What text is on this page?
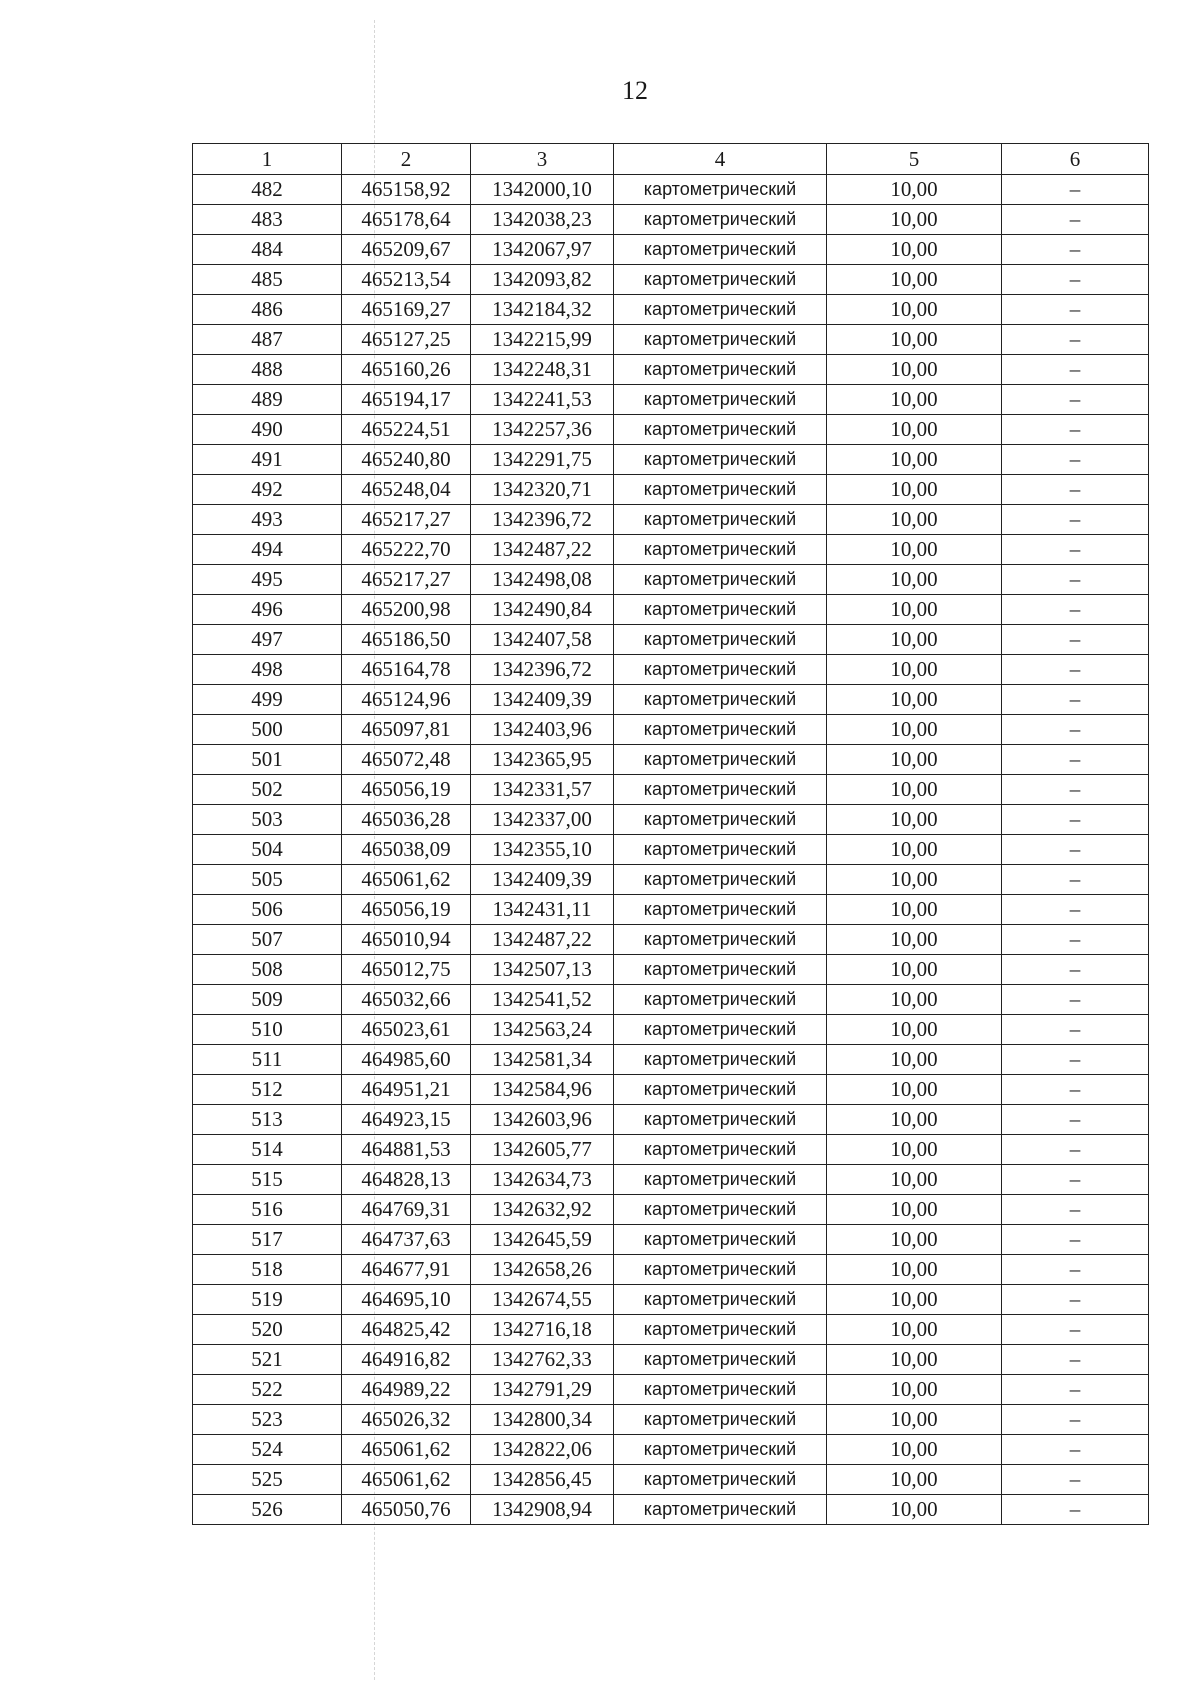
12
1	2	3	4	5	6
482	465158,92	1342000,10	картометрический	10,00	–
483	465178,64	1342038,23	картометрический	10,00	–
484	465209,67	1342067,97	картометрический	10,00	–
485	465213,54	1342093,82	картометрический	10,00	–
486	465169,27	1342184,32	картометрический	10,00	–
487	465127,25	1342215,99	картометрический	10,00	–
488	465160,26	1342248,31	картометрический	10,00	–
489	465194,17	1342241,53	картометрический	10,00	–
490	465224,51	1342257,36	картометрический	10,00	–
491	465240,80	1342291,75	картометрический	10,00	–
492	465248,04	1342320,71	картометрический	10,00	–
493	465217,27	1342396,72	картометрический	10,00	–
494	465222,70	1342487,22	картометрический	10,00	–
495	465217,27	1342498,08	картометрический	10,00	–
496	465200,98	1342490,84	картометрический	10,00	–
497	465186,50	1342407,58	картометрический	10,00	–
498	465164,78	1342396,72	картометрический	10,00	–
499	465124,96	1342409,39	картометрический	10,00	–
500	465097,81	1342403,96	картометрический	10,00	–
501	465072,48	1342365,95	картометрический	10,00	–
502	465056,19	1342331,57	картометрический	10,00	–
503	465036,28	1342337,00	картометрический	10,00	–
504	465038,09	1342355,10	картометрический	10,00	–
505	465061,62	1342409,39	картометрический	10,00	–
506	465056,19	1342431,11	картометрический	10,00	–
507	465010,94	1342487,22	картометрический	10,00	–
508	465012,75	1342507,13	картометрический	10,00	–
509	465032,66	1342541,52	картометрический	10,00	–
510	465023,61	1342563,24	картометрический	10,00	–
511	464985,60	1342581,34	картометрический	10,00	–
512	464951,21	1342584,96	картометрический	10,00	–
513	464923,15	1342603,96	картометрический	10,00	–
514	464881,53	1342605,77	картометрический	10,00	–
515	464828,13	1342634,73	картометрический	10,00	–
516	464769,31	1342632,92	картометрический	10,00	–
517	464737,63	1342645,59	картометрический	10,00	–
518	464677,91	1342658,26	картометрический	10,00	–
519	464695,10	1342674,55	картометрический	10,00	–
520	464825,42	1342716,18	картометрический	10,00	–
521	464916,82	1342762,33	картометрический	10,00	–
522	464989,22	1342791,29	картометрический	10,00	–
523	465026,32	1342800,34	картометрический	10,00	–
524	465061,62	1342822,06	картометрический	10,00	–
525	465061,62	1342856,45	картометрический	10,00	–
526	465050,76	1342908,94	картометрический	10,00	–
